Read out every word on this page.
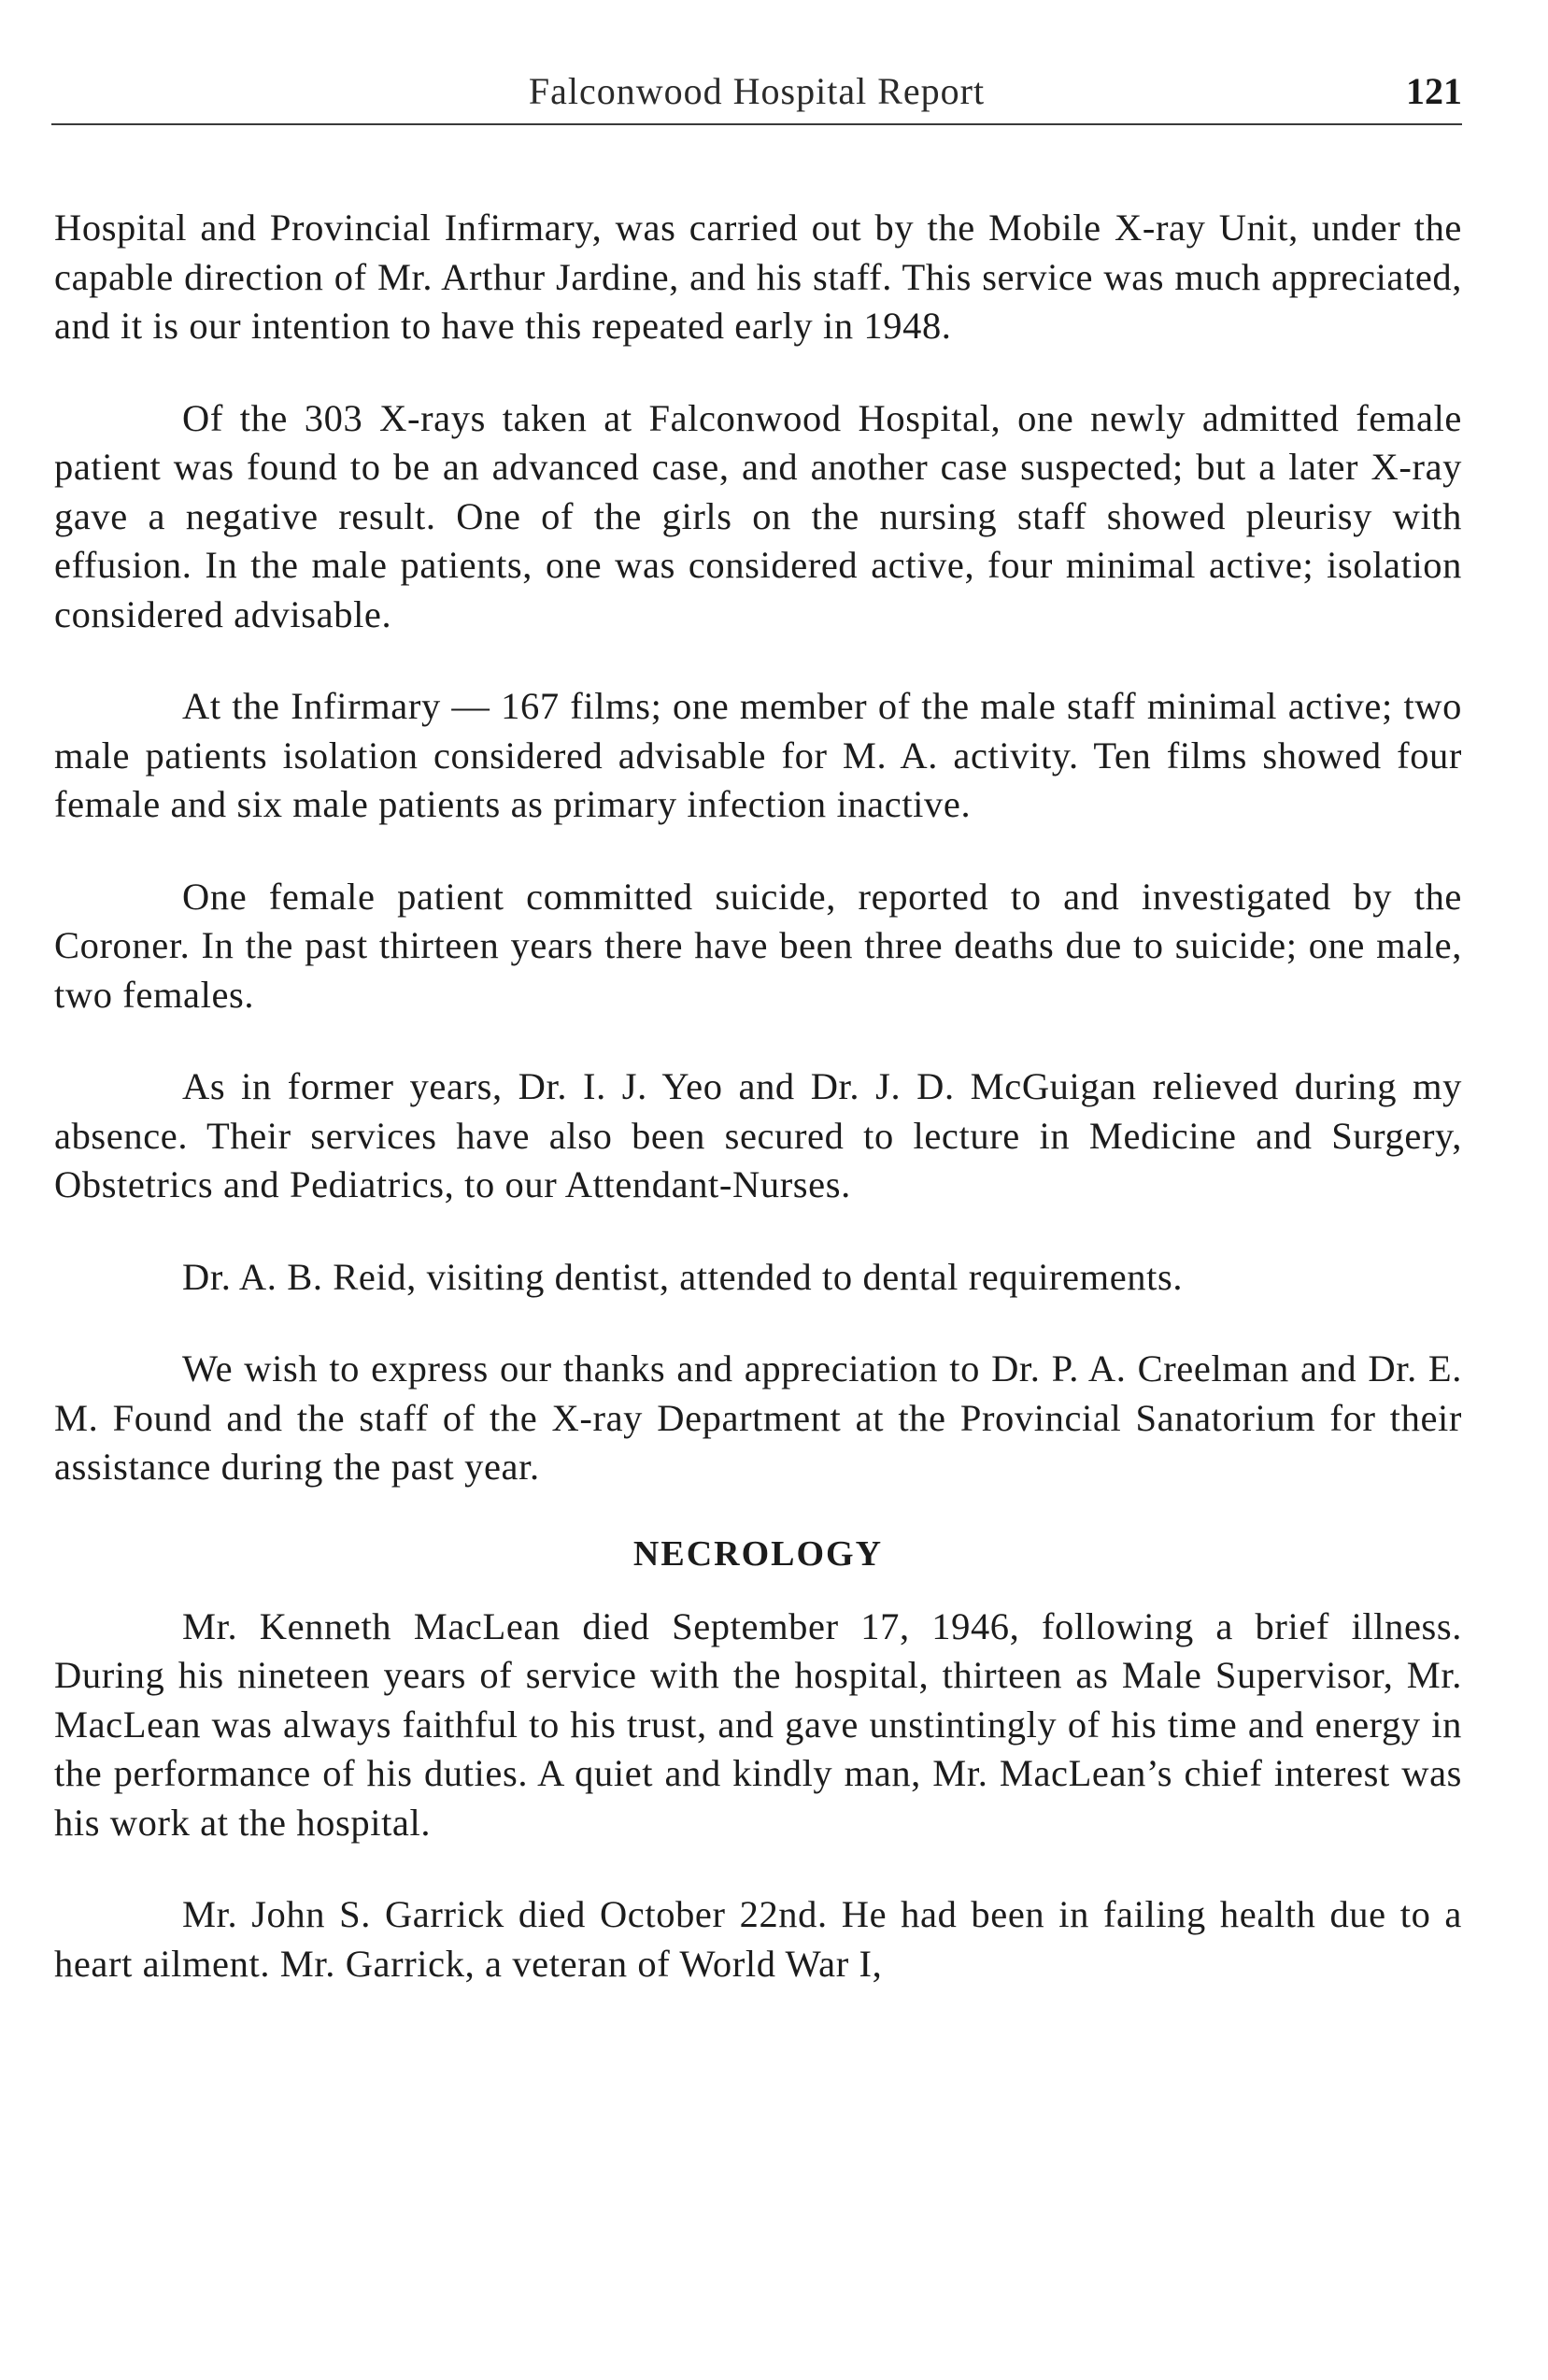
Falconwood Hospital Report	121

Hospital and Provincial Infirmary, was carried out by the Mobile X-ray Unit, under the capable direction of Mr. Arthur Jardine, and his staff. This service was much appreciated, and it is our intention to have this repeated early in 1948.

Of the 303 X-rays taken at Falconwood Hospital, one newly admitted female patient was found to be an advanced case, and another case suspected; but a later X-ray gave a negative result. One of the girls on the nursing staff showed pleurisy with effusion. In the male patients, one was considered active, four minimal active; isolation considered advisable.

At the Infirmary — 167 films; one member of the male staff minimal active; two male patients isolation considered advisable for M. A. activity. Ten films showed four female and six male patients as primary infection inactive.

One female patient committed suicide, reported to and investigated by the Coroner. In the past thirteen years there have been three deaths due to suicide; one male, two females.

As in former years, Dr. I. J. Yeo and Dr. J. D. McGuigan relieved during my absence. Their services have also been secured to lecture in Medicine and Surgery, Obstetrics and Pediatrics, to our Attendant-Nurses.

Dr. A. B. Reid, visiting dentist, attended to dental requirements.

We wish to express our thanks and appreciation to Dr. P. A. Creelman and Dr. E. M. Found and the staff of the X-ray Department at the Provincial Sanatorium for their assistance during the past year.

NECROLOGY

Mr. Kenneth MacLean died September 17, 1946, following a brief illness. During his nineteen years of service with the hospital, thirteen as Male Supervisor, Mr. MacLean was always faithful to his trust, and gave unstintingly of his time and energy in the performance of his duties. A quiet and kindly man, Mr. MacLean’s chief interest was his work at the hospital.

Mr. John S. Garrick died October 22nd. He had been in failing health due to a heart ailment. Mr. Garrick, a veteran of World War I,
